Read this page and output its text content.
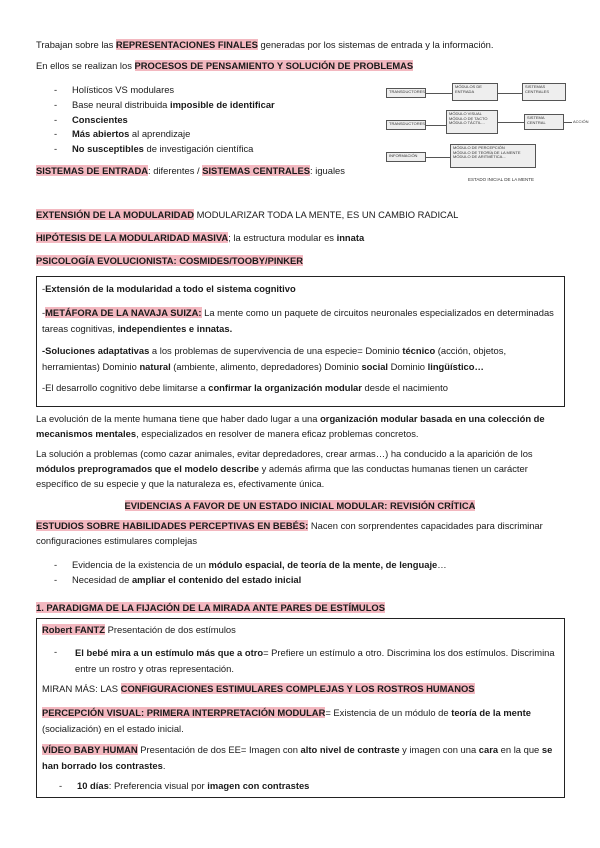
Trabajan sobre las REPRESENTACIONES FINALES generadas por los sistemas de entrada y la información.
En ellos se realizan los PROCESOS DE PENSAMIENTO Y SOLUCIÓN DE PROBLEMAS
- Holísticos VS modulares
- Base neural distribuida imposible de identificar
- Conscientes
- Más abiertos al aprendizaje
- No susceptibles de investigación científica
SISTEMAS DE ENTRADA: diferentes / SISTEMAS CENTRALES: iguales
TRANSDUCTORES
MÓDULOS DE ENTRADA
SISTEMAS CENTRALES
TRANSDUCTORES
MÓDULO VISUAL
MÓDULO DE TACTO
MÓDULO TÁCTIL...
SISTEMA CENTRAL	ACCIÓN
INFORMACIÓN
MÓDULO DE PERCEPCIÓN
MÓDULO DE TEORÍA DE LA MENTE
MÓDULO DE ARITMÉTICA...
ESTADO INICIAL DE LA MENTE
EXTENSIÓN DE LA MODULARIDAD MODULARIZAR TODA LA MENTE, ES UN CAMBIO RADICAL
HIPÓTESIS DE LA MODULARIDAD MASIVA; la estructura modular es innata
PSICOLOGÍA EVOLUCIONISTA: COSMIDES/TOOBY/PINKER

-Extensión de la modularidad a todo el sistema cognitivo

-METÁFORA DE LA NAVAJA SUIZA: La mente como un paquete de circuitos neuronales especializados en determinadas tareas cognitivas, independientes e innatas.

-Soluciones adaptativas a los problemas de supervivencia de una especie= Dominio técnico (acción, objetos, herramientas) Dominio natural (ambiente, alimento, depredadores) Dominio social Dominio lingüístico…

-El desarrollo cognitivo debe limitarse a confirmar la organización modular desde el nacimiento

La evolución de la mente humana tiene que haber dado lugar a una organización modular basada en una colección de mecanismos mentales, especializados en resolver de manera eficaz problemas concretos.
La solución a problemas (como cazar animales, evitar depredadores, crear armas…) ha conducido a la aparición de los módulos preprogramados que el modelo describe y además afirma que las conductas humanas tienen un carácter específico de su especie y que la naturaleza es, efectivamente única.
EVIDENCIAS A FAVOR DE UN ESTADO INICIAL MODULAR: REVISIÓN CRÍTICA
ESTUDIOS SOBRE HABILIDADES PERCEPTIVAS EN BEBÉS: Nacen con sorprendentes capacidades para discriminar configuraciones estimulares complejas
- Evidencia de la existencia de un módulo espacial, de teoría de la mente, de lenguaje…
- Necesidad de ampliar el contenido del estado inicial
1. PARADIGMA DE LA FIJACIÓN DE LA MIRADA ANTE PARES DE ESTÍMULOS

Robert FANTZ Presentación de dos estímulos

- El bebé mira a un estímulo más que a otro= Prefiere un estímulo a otro. Discrimina los dos estímulos. Discrimina entre un rostro y otras representación.

MIRAN MÁS: LAS CONFIGURACIONES ESTIMULARES COMPLEJAS Y LOS ROSTROS HUMANOS

PERCEPCIÓN VISUAL: PRIMERA INTERPRETACIÓN MODULAR= Existencia de un módulo de teoría de la mente (socialización) en el estado inicial.

VÍDEO BABY HUMAN Presentación de dos EE= Imagen con alto nivel de contraste y imagen con una cara en la que se han borrado los contrastes.

- 10 días: Preferencia visual por imagen con contrastes
